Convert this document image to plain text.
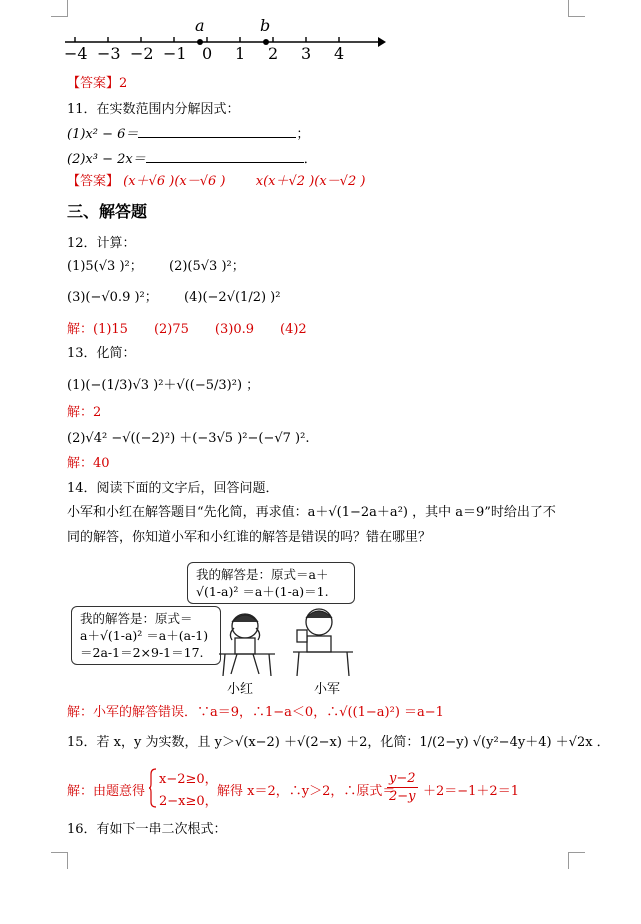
a	b
−4 −3 −2 −1 0 1 2 3 4
【答案】2
11．在实数范围内分解因式：
(1)x² − 6＝	；
(2)x³ − 2x＝	．
【答案】 (x＋√6 )(x－√6 ) x(x＋√2 )(x－√2 )
三、解答题
12．计算：
(1)5(√3 )²； (2)(5√3 )²；
(3)(−√0.9 )²； (4)(−2√(1/2) )²
解：(1)15　　(2)75　　(3)0.9　　(4)2
13．化简：
(1)(−(1/3)√3 )²＋√((−5/3)²) ；
解：2
(2)√4² −√((−2)²) ＋(−3√5 )²−(−√7 )².
解：40
14．阅读下面的文字后，回答问题．
小军和小红在解答题目“先化简，再求值：a＋√(1−2a＋a²) ，其中 a＝9”时给出了不
同的解答，你知道小军和小红谁的解答是错误的吗？错在哪里？
我的解答是：原式＝a＋
√(1-a)² ＝a＋(1-a)＝1.
我的解答是：原式＝
a＋√(1-a)² ＝a＋(a-1)
＝2a-1＝2×9-1＝17.
小红	小军
解：小军的解答错误．∵a＝9，∴1−a＜0，∴√((1−a)²) ＝a−1
15．若 x，y 为实数，且 y＞√(x−2) ＋√(2−x) ＋2，化简：1/(2−y) √(y²−4y＋4) ＋√2x ．
解：由题意得
x−2≥0，
2−x≥0，
解得 x＝2，∴y＞2，∴原式＝
$\frac{y-2}{2-y} +2=-1+2=1$
16．有如下一串二次根式：
